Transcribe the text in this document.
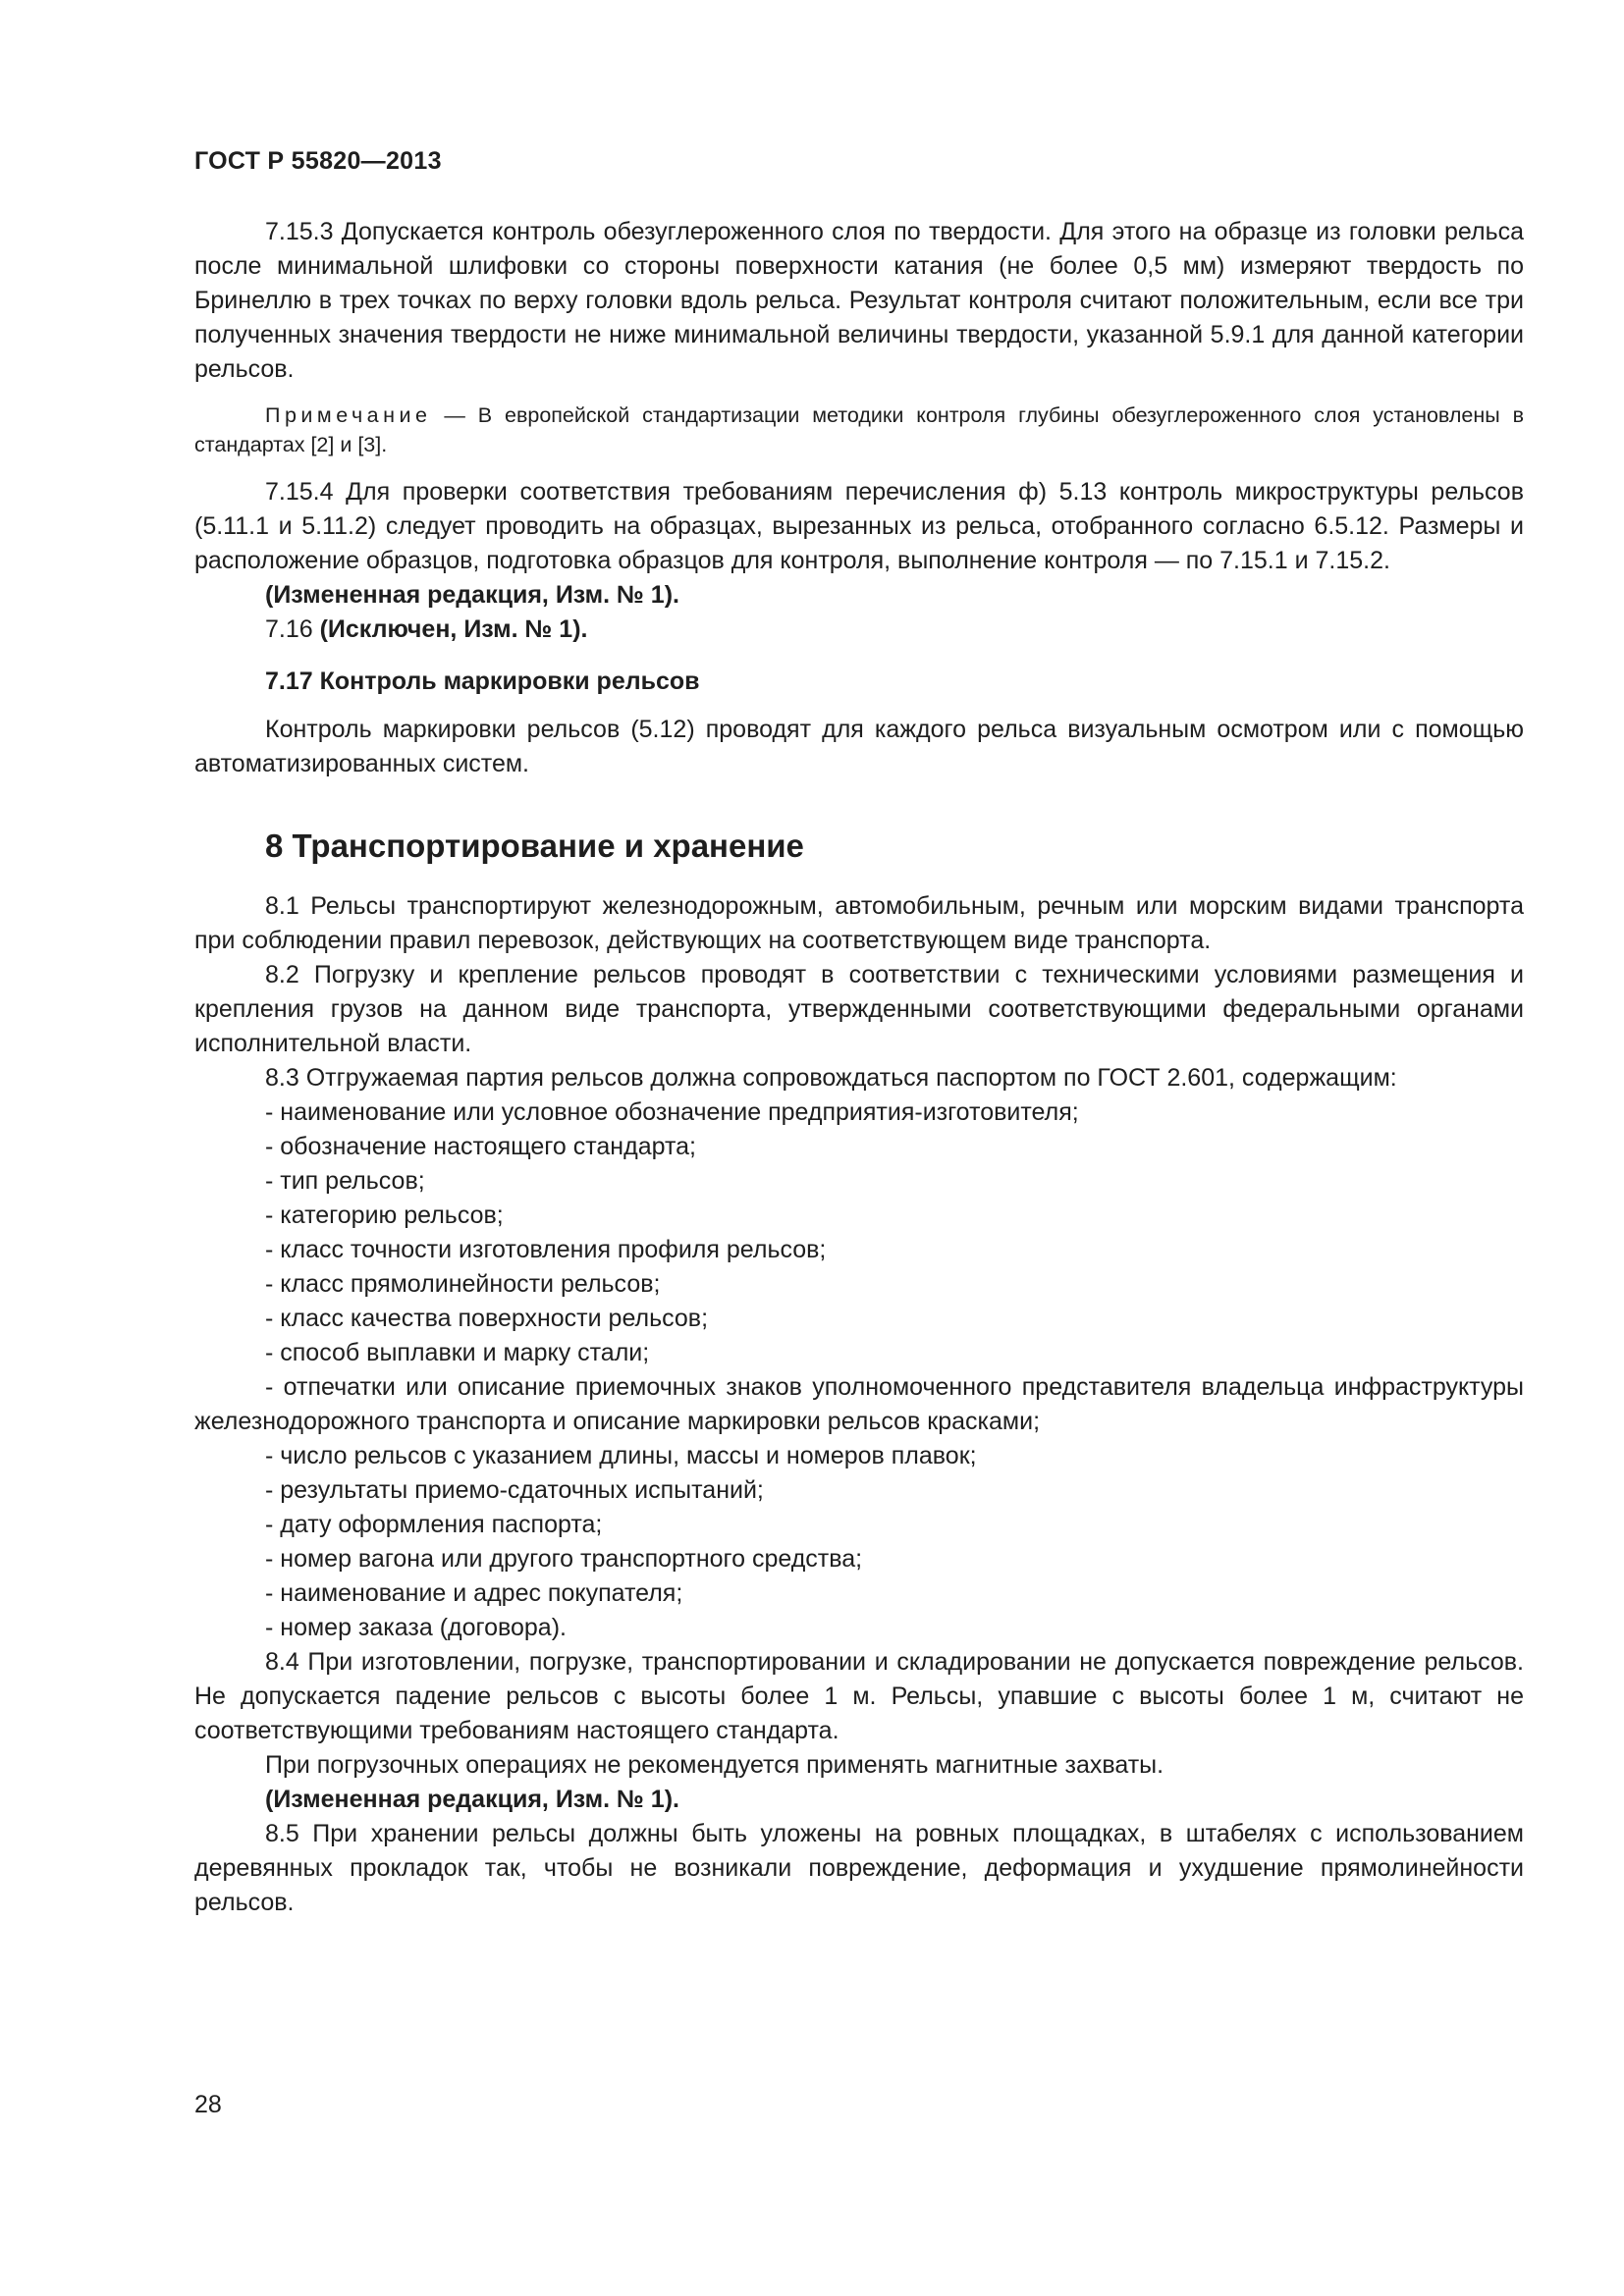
ГОСТ Р 55820—2013

7.15.3 Допускается контроль обезуглероженного слоя по твердости. Для этого на образце из головки рельса после минимальной шлифовки со стороны поверхности катания (не более 0,5 мм) измеряют твердость по Бринеллю в трех точках по верху головки вдоль рельса. Результат контроля считают положительным, если все три полученных значения твердости не ниже минимальной величины твердости, указанной 5.9.1 для данной категории рельсов.

Примечание — В европейской стандартизации методики контроля глубины обезуглероженного слоя установлены в стандартах [2] и [3].

7.15.4 Для проверки соответствия требованиям перечисления ф) 5.13 контроль микроструктуры рельсов (5.11.1 и 5.11.2) следует проводить на образцах, вырезанных из рельса, отобранного согласно 6.5.12. Размеры и расположение образцов, подготовка образцов для контроля, выполнение контроля — по 7.15.1 и 7.15.2.

(Измененная редакция, Изм. № 1).

7.16 (Исключен, Изм. № 1).

7.17 Контроль маркировки рельсов

Контроль маркировки рельсов (5.12) проводят для каждого рельса визуальным осмотром или с помощью автоматизированных систем.

8 Транспортирование и хранение

8.1 Рельсы транспортируют железнодорожным, автомобильным, речным или морским видами транспорта при соблюдении правил перевозок, действующих на соответствующем виде транспорта.

8.2 Погрузку и крепление рельсов проводят в соответствии с техническими условиями размещения и крепления грузов на данном виде транспорта, утвержденными соответствующими федеральными органами исполнительной власти.

8.3 Отгружаемая партия рельсов должна сопровождаться паспортом по ГОСТ 2.601, содержащим:

- наименование или условное обозначение предприятия-изготовителя;
- обозначение настоящего стандарта;
- тип рельсов;
- категорию рельсов;
- класс точности изготовления профиля рельсов;
- класс прямолинейности рельсов;
- класс качества поверхности рельсов;
- способ выплавки и марку стали;
- отпечатки или описание приемочных знаков уполномоченного представителя владельца инфраструктуры железнодорожного транспорта и описание маркировки рельсов красками;
- число рельсов с указанием длины, массы и номеров плавок;
- результаты приемо-сдаточных испытаний;
- дату оформления паспорта;
- номер вагона или другого транспортного средства;
- наименование и адрес покупателя;
- номер заказа (договора).

8.4 При изготовлении, погрузке, транспортировании и складировании не допускается повреждение рельсов. Не допускается падение рельсов с высоты более 1 м. Рельсы, упавшие с высоты более 1 м, считают не соответствующими требованиям настоящего стандарта.

При погрузочных операциях не рекомендуется применять магнитные захваты.

(Измененная редакция, Изм. № 1).

8.5 При хранении рельсы должны быть уложены на ровных площадках, в штабелях с использованием деревянных прокладок так, чтобы не возникали повреждение, деформация и ухудшение прямолинейности рельсов.

28
